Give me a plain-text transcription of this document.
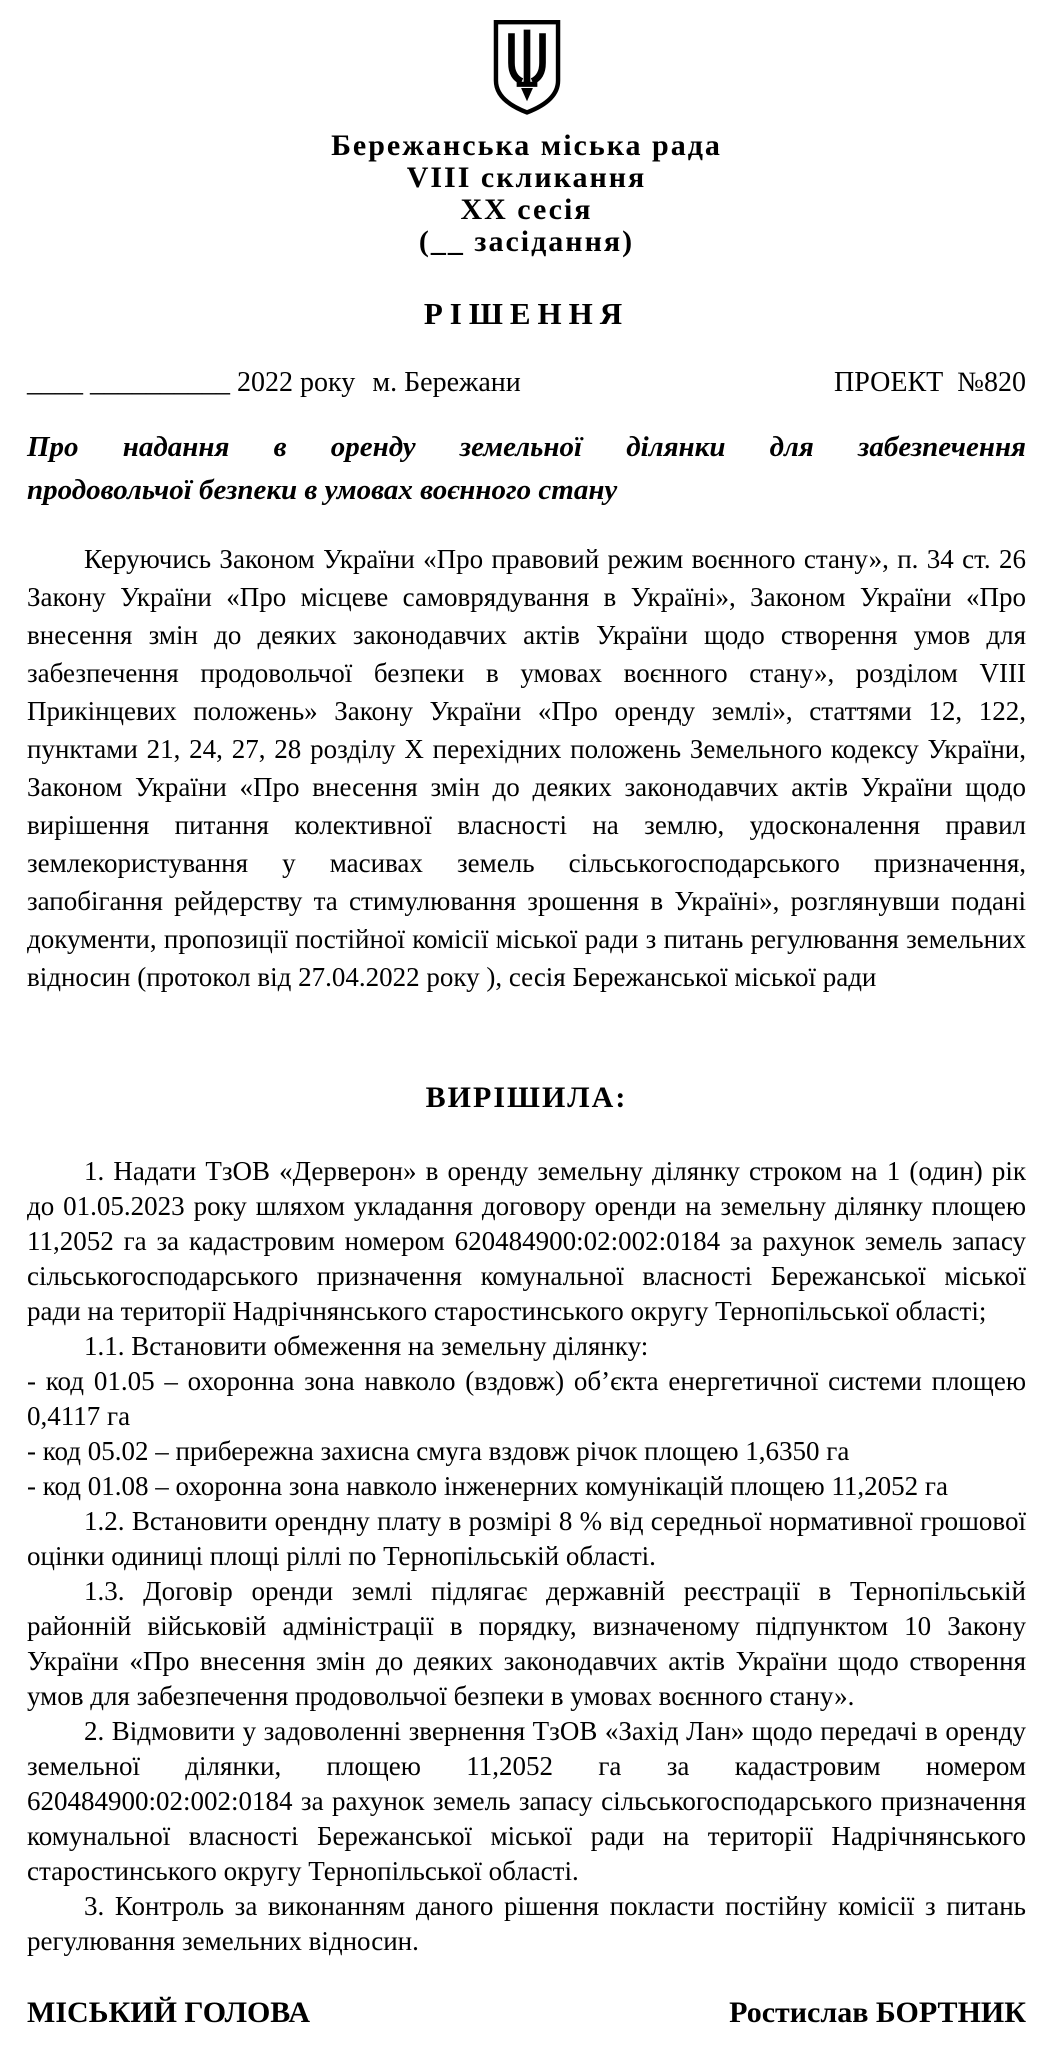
Бережанська міська рада
VIII скликання
XX сесія
(__ засідання)
РІШЕННЯ
____ __________ 2022 року м. Бережани	ПРОЕКТ  №820
Про надання в оренду земельної ділянки для забезпечення
продовольчої безпеки в умовах воєнного стану

Керуючись Законом України «Про правовий режим воєнного стану», п. 34 ст. 26 Закону України «Про місцеве самоврядування в Україні», Законом України «Про внесення змін до деяких законодавчих актів України щодо створення умов для забезпечення продовольчої безпеки в умовах воєнного стану», розділом VIII Прикінцевих положень» Закону України «Про оренду землі», статтями 12, 122, пунктами 21, 24, 27, 28 розділу X перехідних положень Земельного кодексу України, Законом України «Про внесення змін до деяких законодавчих актів України щодо вирішення питання колективної власності на землю, удосконалення правил землекористування у масивах земель сільськогосподарського призначення, запобігання рейдерству та стимулювання зрошення в Україні», розглянувши подані документи, пропозиції постійної комісії міської ради з питань регулювання земельних відносин (протокол від 27.04.2022 року ), сесія Бережанської міської ради

ВИРІШИЛА:

1. Надати ТзОВ «Дерверон» в оренду земельну ділянку строком на 1 (один) рік до 01.05.2023 року шляхом укладання договору оренди на земельну ділянку площею 11,2052 га за кадастровим номером 620484900:02:002:0184 за рахунок земель запасу сільськогосподарського призначення комунальної власності Бережанської міської ради на території Надрічнянського старостинського округу Тернопільської області;

1.1. Встановити обмеження на земельну ділянку:

- код 01.05 – охоронна зона навколо (вздовж) об’єкта енергетичної системи площею 0,4117 га

- код 05.02 – прибережна захисна смуга вздовж річок площею 1,6350 га

- код 01.08 – охоронна зона навколо інженерних комунікацій площею 11,2052 га

1.2. Встановити орендну плату в розмірі 8 % від середньої нормативної грошової оцінки одиниці площі ріллі по Тернопільській області.

1.3. Договір оренди землі підлягає державній реєстрації в Тернопільській районній військовій адміністрації в порядку, визначеному підпунктом 10 Закону України «Про внесення змін до деяких законодавчих актів України щодо створення умов для забезпечення продовольчої безпеки в умовах воєнного стану».

2. Відмовити у задоволенні звернення ТзОВ «Захід Лан» щодо передачі в оренду земельної ділянки, площею 11,2052 га за кадастровим номером 620484900:02:002:0184 за рахунок земель запасу сільськогосподарського призначення комунальної власності Бережанської міської ради на території Надрічнянського старостинського округу Тернопільської області.

3. Контроль за виконанням даного рішення покласти постійну комісії з питань регулювання земельних відносин.

МІСЬКИЙ ГОЛОВА	Ростислав БОРТНИК
